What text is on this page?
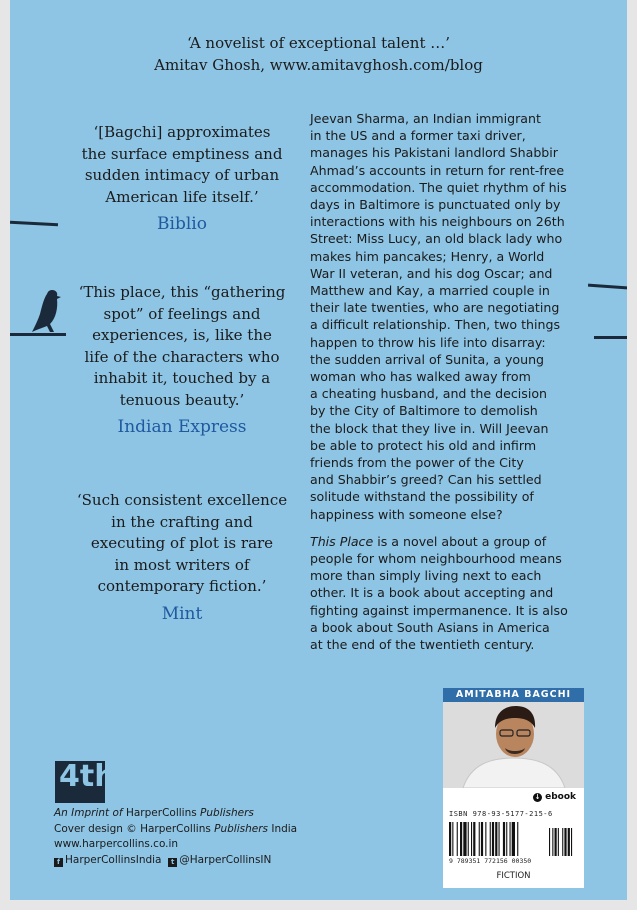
‘A novelist of exceptional talent …’
Amitav Ghosh, www.amitavghosh.com/blog
‘[Bagchi] approximates
the surface emptiness and
sudden intimacy of urban
American life itself.’
Biblio
‘This place, this “gathering
spot” of feelings and
experiences, is, like the
life of the characters who
inhabit it, touched by a
tenuous beauty.’
Indian Express
‘Such consistent excellence
in the crafting and
executing of plot is rare
in most writers of
contemporary fiction.’
Mint

Jeevan Sharma, an Indian immigrant
in the US and a former taxi driver,
manages his Pakistani landlord Shabbir
Ahmad’s accounts in return for rent-free
accommodation. The quiet rhythm of his
days in Baltimore is punctuated only by
interactions with his neighbours on 26th
Street: Miss Lucy, an old black lady who
makes him pancakes; Henry, a World
War II veteran, and his dog Oscar; and
Matthew and Kay, a married couple in
their late twenties, who are negotiating
a difficult relationship. Then, two things
happen to throw his life into disarray:
the sudden arrival of Sunita, a young
woman who has walked away from
a cheating husband, and the decision
by the City of Baltimore to demolish
the block that they live in. Will Jeevan
be able to protect his old and infirm
friends from the power of the City
and Shabbir’s greed? Can his settled
solitude withstand the possibility of
happiness with someone else?

This Place is a novel about a group of
people for whom neighbourhood means
more than simply living next to each
other. It is a book about accepting and
fighting against impermanence. It is also
a book about South Asians in America
at the end of the twentieth century.

4th
An Imprint of HarperCollins Publishers
Cover design © HarperCollins Publishers India
www.harpercollins.co.in
f HarperCollinsIndia t @HarperCollinsIN
AMITABHA BAGCHI
↓ ebook
ISBN 978-93-5177-215-6
9 789351 772156 00350
FICTION
